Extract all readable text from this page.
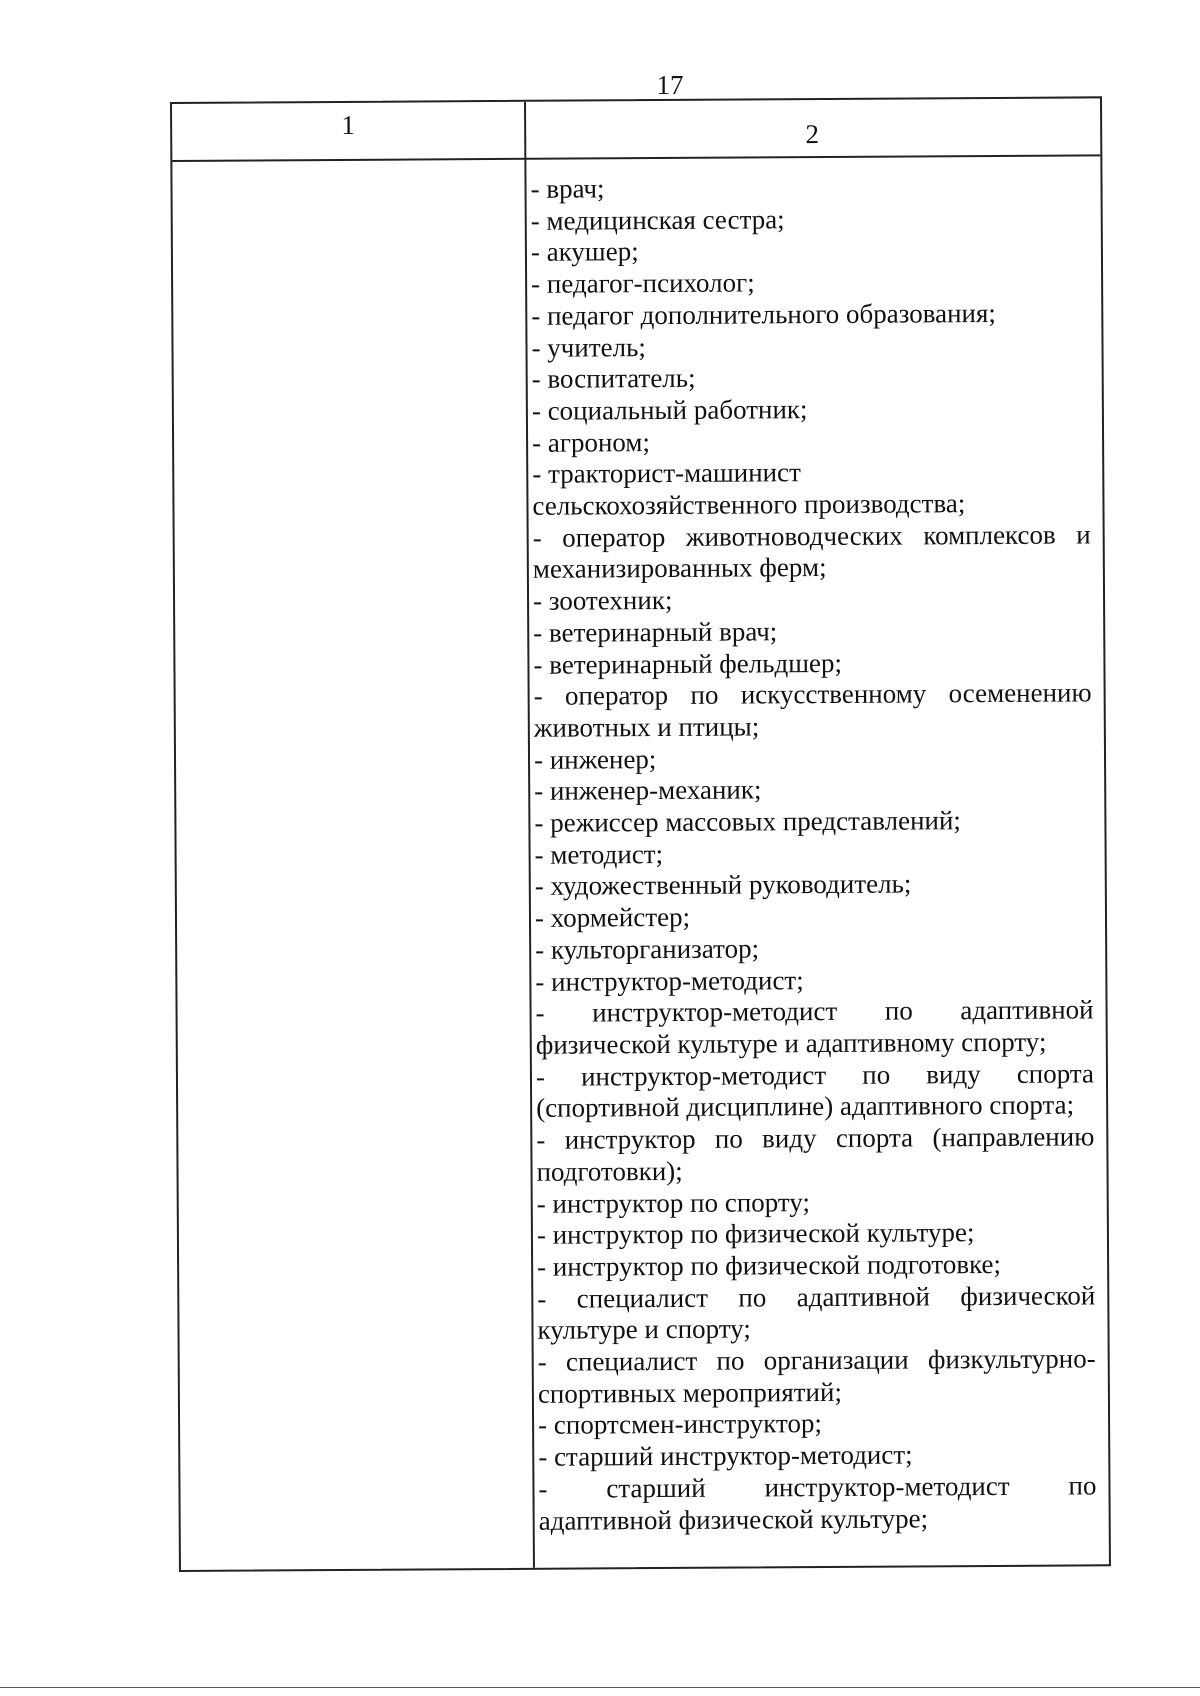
17
1	2

- врач;

- медицинская сестра;

- акушер;

- педагог-психолог;

- педагог дополнительного образования;

- учитель;

- воспитатель;

- социальный работник;

- агроном;

- тракторист-машинист

сельскохозяйственного производства;

- оператор животноводческих комплексов и

механизированных ферм;

- зоотехник;

- ветеринарный врач;

- ветеринарный фельдшер;

- оператор по искусственному осеменению

животных и птицы;

- инженер;

- инженер-механик;

- режиссер массовых представлений;

- методист;

- художественный руководитель;

- хормейстер;

- культорганизатор;

- инструктор-методист;

- инструктор-методист по адаптивной

физической культуре и адаптивному спорту;

- инструктор-методист по виду спорта

(спортивной дисциплине) адаптивного спорта;

- инструктор по виду спорта (направлению

подготовки);

- инструктор по спорту;

- инструктор по физической культуре;

- инструктор по физической подготовке;

- специалист по адаптивной физической

культуре и спорту;

- специалист по организации физкультурно-

спортивных мероприятий;

- спортсмен-инструктор;

- старший инструктор-методист;

- старший инструктор-методист по

адаптивной физической культуре;
